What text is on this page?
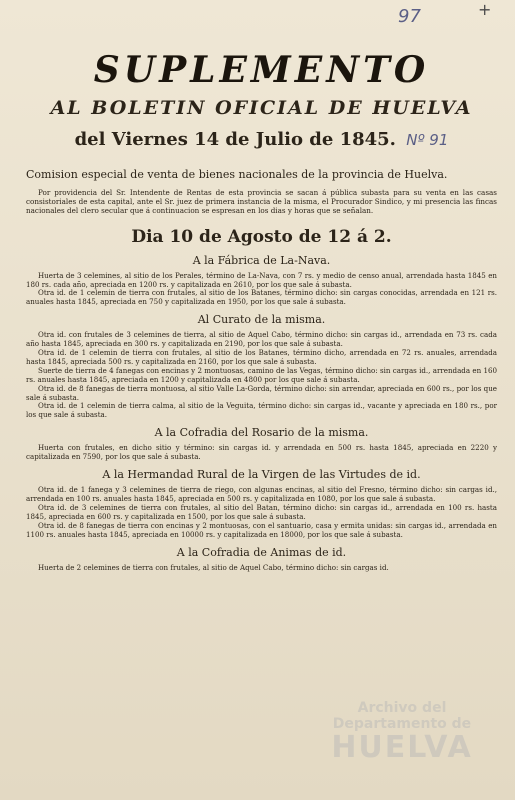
97	+
SUPLEMENTO
AL BOLETIN OFICIAL DE HUELVA
del Viernes 14 de Julio de 1845. Nº 91

Comision especial de venta de bienes nacionales de la provincia de Huelva.

Por providencia del Sr. Intendente de Rentas de esta provincia se sacan á pública subasta para su venta en las casas consistoriales de esta capital, ante el Sr. juez de primera instancia de la misma, el Procurador Sindico, y mi presencia las fincas nacionales del clero secular que á continuacion se espresan en los dias y horas que se señalan.

Dia 10 de Agosto de 12 á 2.
A la Fábrica de La-Nava.

Huerta de 3 celemines, al sitio de los Perales, término de La-Nava, con 7 rs. y medio de censo anual, arrendada hasta 1845 en 180 rs. cada año, apreciada en 1200 rs. y capitalizada en 2610, por los que sale á subasta.

Otra id. de 1 celemin de tierra con frutales, al sitio de los Batanes, término dicho: sin cargas conocidas, arrendada en 121 rs. anuales hasta 1845, apreciada en 750 y capitalizada en 1950, por los que sale á subasta.

Al Curato de la misma.

Otra id. con frutales de 3 celemines de tierra, al sitio de Aquel Cabo, término dicho: sin cargas id., arrendada en 73 rs. cada año hasta 1845, apreciada en 300 rs. y capitalizada en 2190, por los que sale á subasta.

Otra id. de 1 celemin de tierra con frutales, al sitio de los Batanes, término dicho, arrendada en 72 rs. anuales, arrendada hasta 1845, apreciada 500 rs. y capitalizada en 2160, por los que sale á subasta.

Suerte de tierra de 4 fanegas con encinas y 2 montuosas, camino de las Vegas, término dicho: sin cargas id., arrendada en 160 rs. anuales hasta 1845, apreciada en 1200 y capitalizada en 4800 por los que sale á subasta.

Otra id. de 8 fanegas de tierra montuosa, al sitio Valle La-Gorda, término dicho: sin arrendar, apreciada en 600 rs., por los que sale á subasta.

Otra id. de 1 celemin de tierra calma, al sitio de la Veguita, término dicho: sin cargas id., vacante y apreciada en 180 rs., por los que sale á subasta.

A la Cofradia del Rosario de la misma.

Huerta con frutales, en dicho sitio y término: sin cargas id. y arrendada en 500 rs. hasta 1845, apreciada en 2220 y capitalizada en 7590, por los que sale á subasta.

A la Hermandad Rural de la Virgen de las Virtudes de id.

Otra id. de 1 fanega y 3 celemines de tierra de riego, con algunas encinas, al sitio del Fresno, término dicho: sin cargas id., arrendada en 100 rs. anuales hasta 1845, apreciada en 500 rs. y capitalizada en 1080, por los que sale á subasta.

Otra id. de 3 celemines de tierra con frutales, al sitio del Batan, término dicho: sin cargas id., arrendada en 100 rs. hasta 1845, apreciada en 600 rs. y capitalizada en 1500, por los que sale á subasta.

Otra id. de 8 fanegas de tierra con encinas y 2 montuosas, con el santuario, casa y ermita unidas: sin cargas id., arrendada en 1100 rs. anuales hasta 1845, apreciada en 10000 rs. y capitalizada en 18000, por los que sale á subasta.

A la Cofradia de Animas de id.

Huerta de 2 celemines de tierra con frutales, al sitio de Aquel Cabo, término dicho: sin cargas id.

Archivo del Departamento de
HUELVA
